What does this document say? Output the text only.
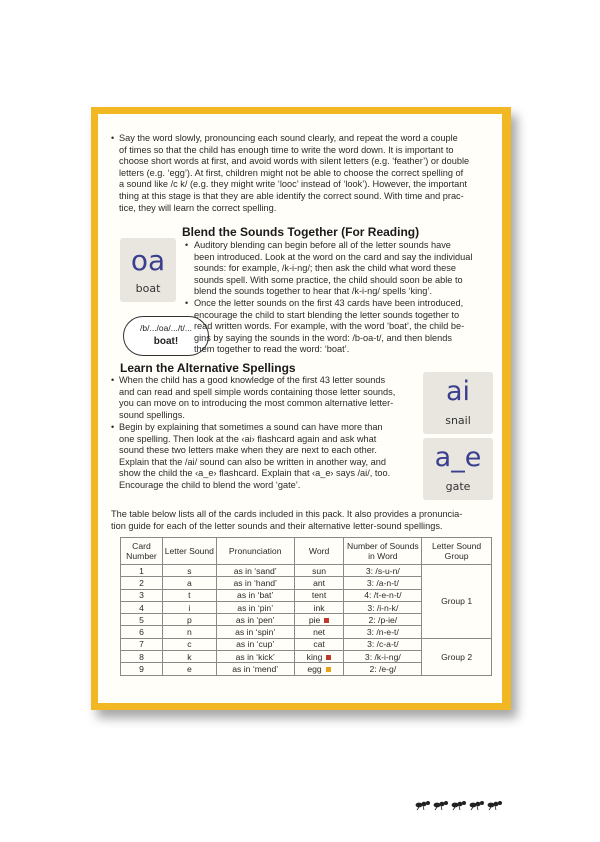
• Say the word slowly, pronouncing each sound clearly, and repeat the word a couple
of times so that the child has enough time to write the word down. It is important to
choose short words at first, and avoid words with silent letters (e.g. ‘feather’) or double
letters (e.g. ‘egg’). At first, children might not be able to choose the correct spelling of
a sound like /c k/ (e.g. they might write ‘looc’ instead of ‘look’). However, the important
thing at this stage is that they are able identify the correct sound. With time and prac-
tice, they will learn the correct spelling.
Blend the Sounds Together (For Reading)
oa
boat
/b/.../oa/.../t/...
boat!
• Auditory blending can begin before all of the letter sounds have
been introduced. Look at the word on the card and say the individual
sounds: for example, /k-i-ng/; then ask the child what word these
sounds spell. With some practice, the child should soon be able to
blend the sounds together to hear that /k-i-ng/ spells ‘king’.
• Once the letter sounds on the first 43 cards have been introduced,
encourage the child to start blending the letter sounds together to
read written words. For example, with the word ‘boat’, the child be-
gins by saying the sounds in the word: /b-oa-t/, and then blends
them together to read the word: ‘boat’.
Learn the Alternative Spellings
• When the child has a good knowledge of the first 43 letter sounds
and can read and spell simple words containing those letter sounds,
you can move on to introducing the most common alternative letter-
sound spellings.
• Begin by explaining that sometimes a sound can have more than
one spelling. Then look at the ‹ai› flashcard again and ask what
sound these two letters make when they are next to each other.
Explain that the /ai/ sound can also be written in another way, and
show the child the ‹a_e› flashcard. Explain that ‹a_e› says /ai/, too.
Encourage the child to blend the word ‘gate’.
ai
snail
a_e
gate
The table below lists all of the cards included in this pack. It also provides a pronuncia-
tion guide for each of the letter sounds and their alternative letter-sound spellings.
Card Number	Letter Sound	Pronunciation	Word	Number of Sounds in Word	Letter Sound Group
1	s	as in ‘sand’	sun	3: /s-u-n/	Group 1
2	a	as in ‘hand’	ant	3: /a-n-t/	
3	t	as in ‘bat’	tent	4: /t-e-n-t/	
4	i	as in ‘pin’	ink	3: /i-n-k/	
5	p	as in ‘pen’	pie	2: /p-ie/	
6	n	as in ‘spin’	net	3: /n-e-t/	
7	c	as in ‘cup’	cat	3: /c-a-t/	Group 2
8	k	as in ‘kick’	king	3: /k-i-ng/	
9	e	as in ‘mend’	egg	2: /e-g/	
